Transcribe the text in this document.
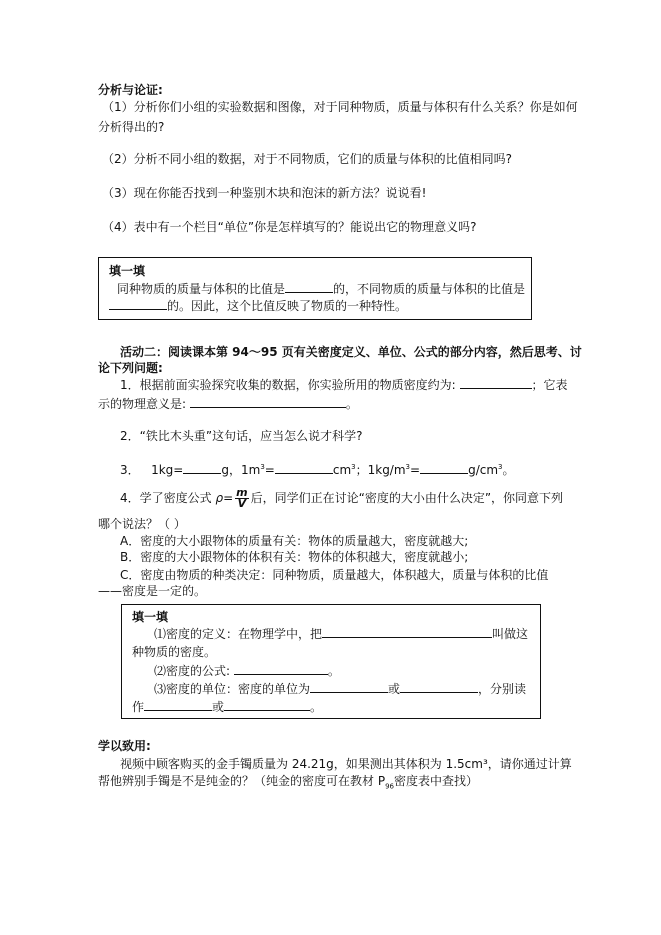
分析与论证:
（1）分析你们小组的实验数据和图像，对于同种物质，质量与体积有什么关系？你是如何
分析得出的?
（2）分析不同小组的数据，对于不同物质，它们的质量与体积的比值相同吗?
（3）现在你能否找到一种鉴别木块和泡沫的新方法？说说看!
（4）表中有一个栏目“单位”你是怎样填写的？能说出它的物理意义吗?
填一填
同种物质的质量与体积的比值是	的，不同物质的质量与体积的比值是
的。因此，这个比值反映了物质的一种特性。
活动二：阅读课本第 94～95 页有关密度定义、单位、公式的部分内容，然后思考、讨
论下列问题:
1．根据前面实验探究收集的数据，你实验所用的物质密度约为:	；它表
示的物理意义是:	。
2．“铁比木头重”这句话，应当怎么说才科学?
3． 1kg=	g，$1m^3=$	$cm^3$；$1kg/m^3=$	$g/cm^3$。
4．学了密度公式 $\rho= \frac{m}{V}$ 后，同学们正在讨论“密度的大小由什么决定”，你同意下列
哪个说法？（ ）
A．密度的大小跟物体的质量有关：物体的质量越大，密度就越大;
B．密度的大小跟物体的体积有关：物体的体积越大，密度就越小;
C．密度由物质的种类决定：同种物质，质量越大，体积越大，质量与体积的比值
——密度是一定的。
填一填
⑴密度的定义：在物理学中，把	叫做这
种物质的密度。
⑵密度的公式:	。
⑶密度的单位：密度的单位为	或	，分别读
作	或	。
学以致用:
视频中顾客购买的金手镯质量为 24.21g，如果测出其体积为 1.5cm³，请你通过计算
帮他辨别手镯是不是纯金的？（纯金的密度可在教材 $P_{96}$密度表中查找）
